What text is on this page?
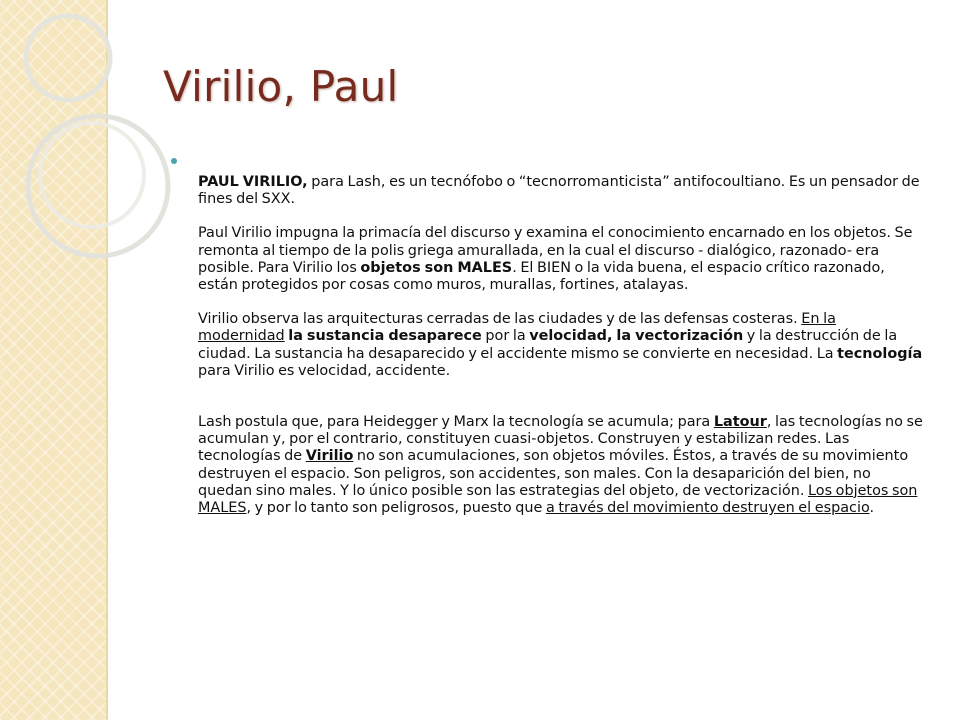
Virilio, Paul

PAUL VIRILIO, para Lash, es un tecnófobo o “tecnorromanticista” antifocoultiano. Es un pensador de fines del SXX.

Paul Virilio impugna la primacía del discurso y examina el conocimiento encarnado en los objetos. Se remonta al tiempo de la polis griega amurallada, en la cual el discurso - dialógico, razonado- era posible. Para Virilio los objetos son MALES. El BIEN o la vida buena, el espacio crítico razonado, están protegidos por cosas como muros, murallas, fortines, atalayas.

Virilio observa las arquitecturas cerradas de las ciudades y de las defensas costeras. En la modernidad la sustancia desaparece por la velocidad, la vectorización y la destrucción de la ciudad. La sustancia ha desaparecido y el accidente mismo se convierte en necesidad. La tecnología para Virilio es velocidad, accidente.

Lash postula que, para Heidegger y Marx la tecnología se acumula; para Latour, las tecnologías no se acumulan y, por el contrario, constituyen cuasi-objetos. Construyen y estabilizan redes. Las tecnologías de Virilio no son acumulaciones, son objetos móviles. Éstos, a través de su movimiento destruyen el espacio. Son peligros, son accidentes, son males. Con la desaparición del bien, no quedan sino males. Y lo único posible son las estrategias del objeto, de vectorización. Los objetos son MALES, y por lo tanto son peligrosos, puesto que a través del movimiento destruyen el espacio.
